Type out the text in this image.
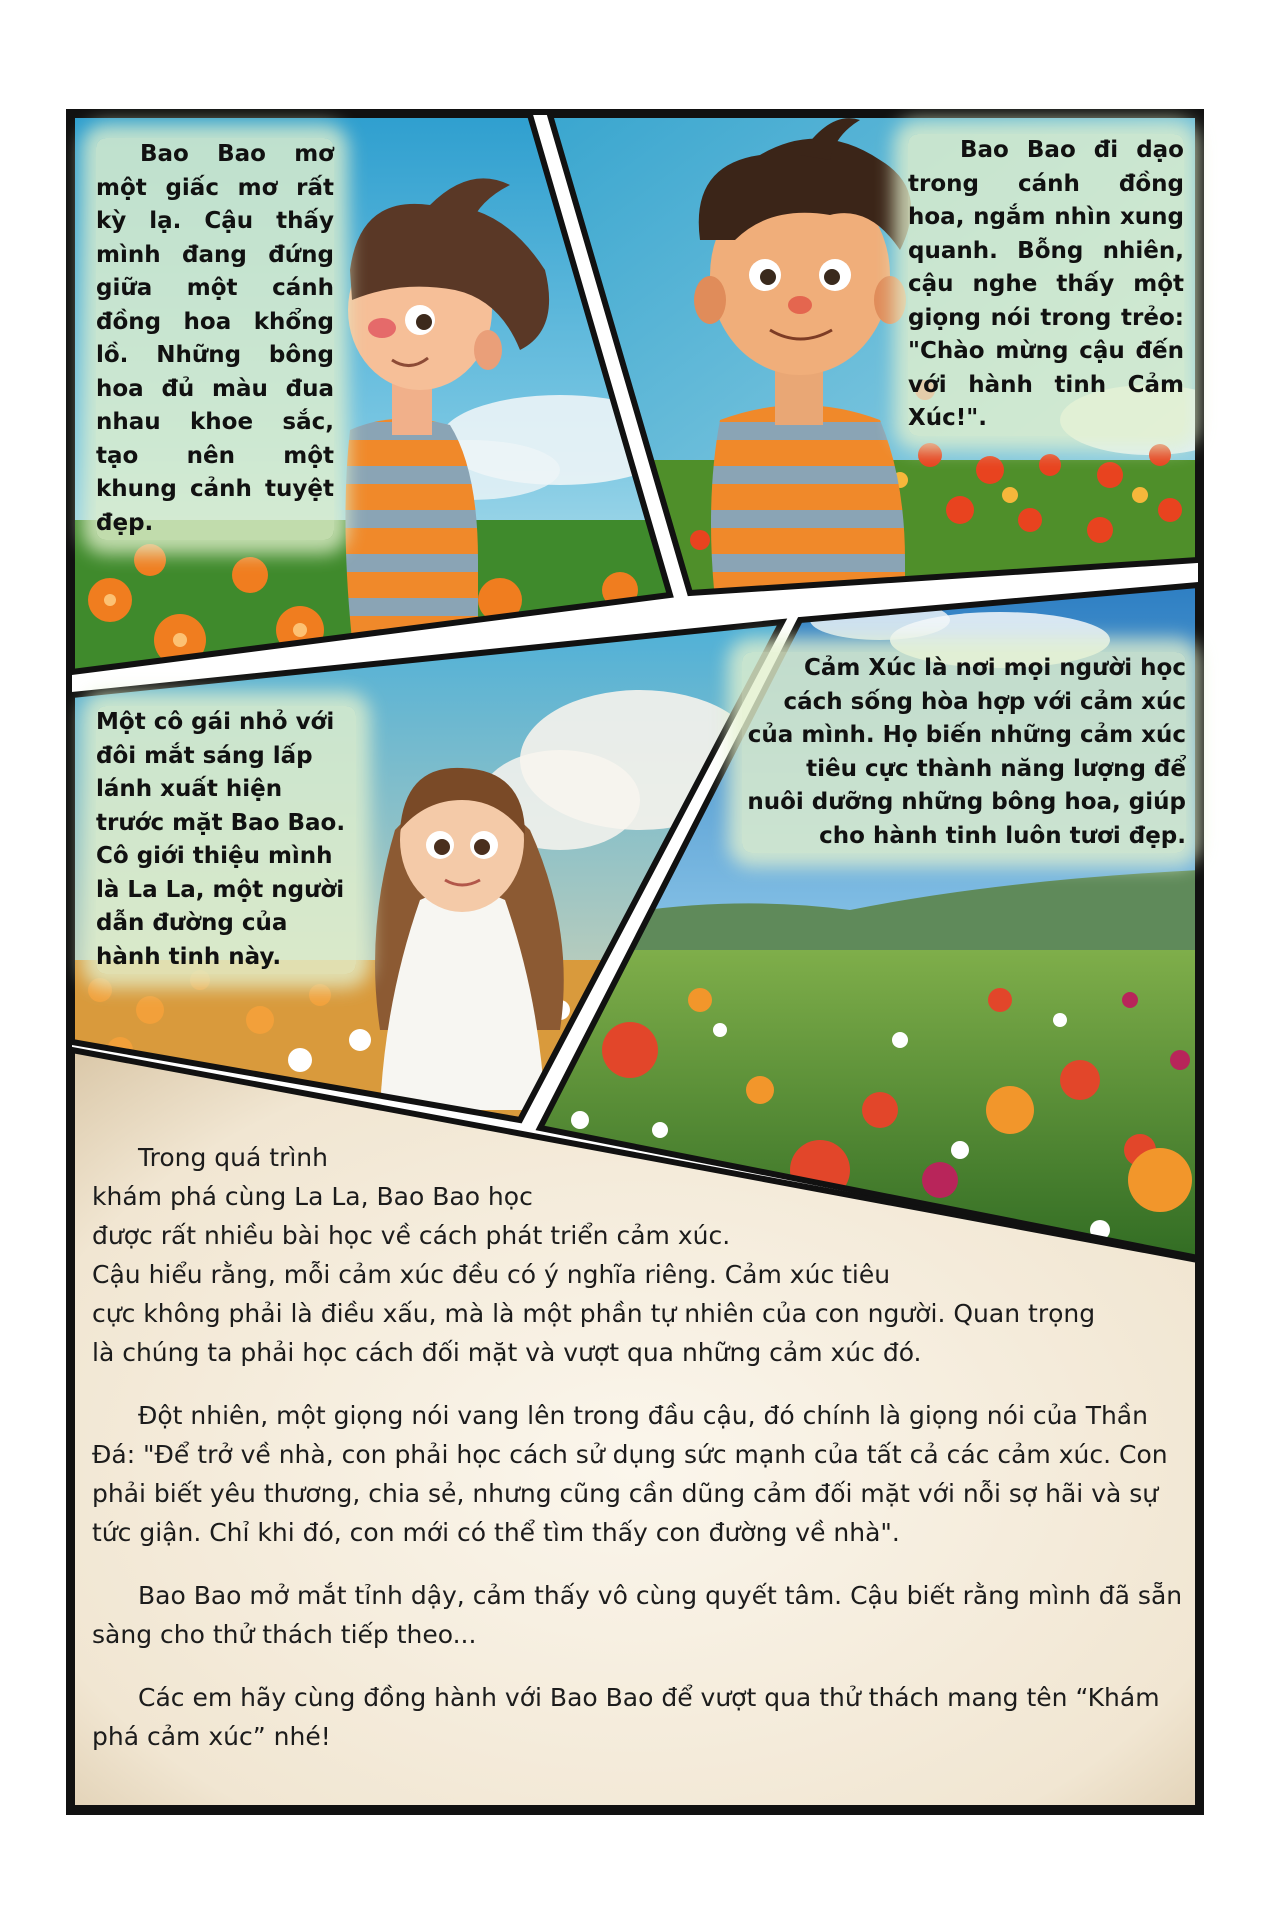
Bao Bao mơ một giấc mơ rất kỳ lạ. Cậu thấy mình đang đứng giữa một cánh đồng hoa khổng lồ. Những bông hoa đủ màu đua nhau khoe sắc, tạo nên một khung cảnh tuyệt đẹp.
Bao Bao đi dạo trong cánh đồng hoa, ngắm nhìn xung quanh. Bỗng nhiên, cậu nghe thấy một giọng nói trong trẻo: "Chào mừng cậu đến với hành tinh Cảm Xúc!".
Một cô gái nhỏ với đôi mắt sáng lấp lánh xuất hiện trước mặt Bao Bao. Cô giới thiệu mình là La La, một người dẫn đường của hành tinh này.
Cảm Xúc là nơi mọi người học cách sống hòa hợp với cảm xúc của mình. Họ biến những cảm xúc tiêu cực thành năng lượng để nuôi dưỡng những bông hoa, giúp cho hành tinh luôn tươi đẹp.

Trong quá trình
khám phá cùng La La, Bao Bao học
được rất nhiều bài học về cách phát triển cảm xúc.
Cậu hiểu rằng, mỗi cảm xúc đều có ý nghĩa riêng. Cảm xúc tiêu
cực không phải là điều xấu, mà là một phần tự nhiên của con người. Quan trọng
là chúng ta phải học cách đối mặt và vượt qua những cảm xúc đó.

Đột nhiên, một giọng nói vang lên trong đầu cậu, đó chính là giọng nói của Thần Đá: "Để trở về nhà, con phải học cách sử dụng sức mạnh của tất cả các cảm xúc. Con phải biết yêu thương, chia sẻ, nhưng cũng cần dũng cảm đối mặt với nỗi sợ hãi và sự tức giận. Chỉ khi đó, con mới có thể tìm thấy con đường về nhà".

Bao Bao mở mắt tỉnh dậy, cảm thấy vô cùng quyết tâm. Cậu biết rằng mình đã sẵn sàng cho thử thách tiếp theo...

Các em hãy cùng đồng hành với Bao Bao để vượt qua thử thách mang tên “Khám phá cảm xúc” nhé!
